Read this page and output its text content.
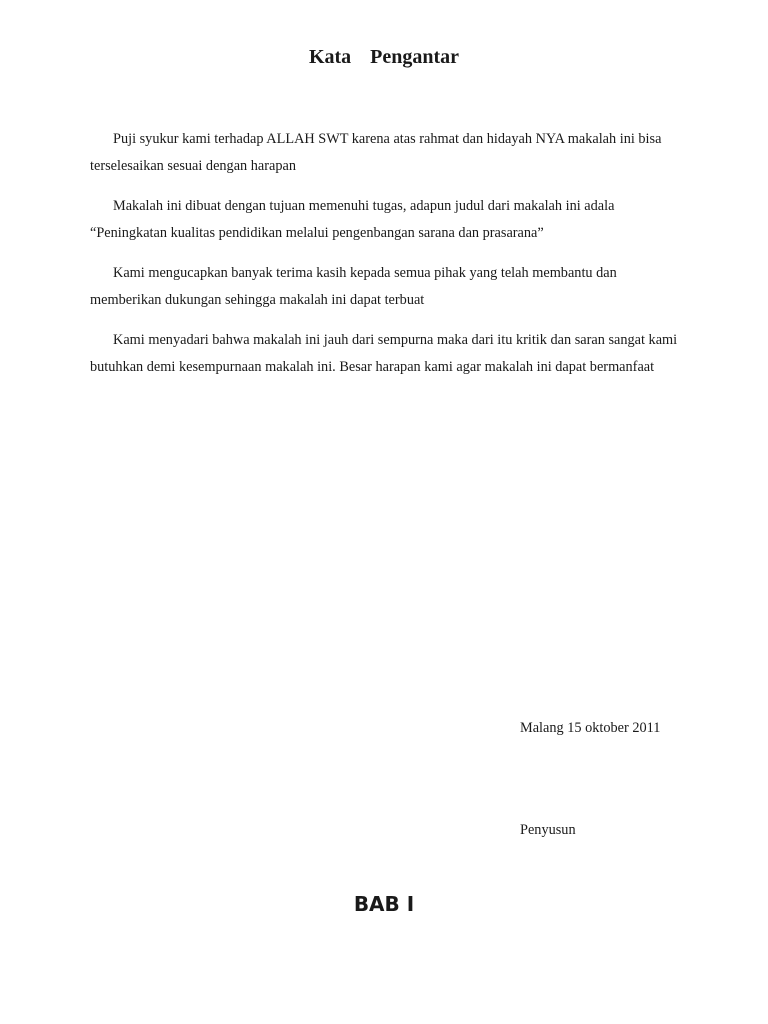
Kata Pengantar

Puji syukur kami terhadap ALLAH SWT karena atas rahmat dan hidayah NYA makalah ini bisa terselesaikan sesuai dengan harapan

Makalah ini dibuat dengan tujuan memenuhi tugas, adapun judul dari makalah ini adala “Peningkatan kualitas pendidikan melalui pengenbangan sarana dan prasarana”

Kami mengucapkan banyak terima kasih kepada semua pihak yang telah membantu dan memberikan dukungan sehingga makalah ini dapat terbuat

Kami menyadari bahwa makalah ini jauh dari sempurna maka dari itu kritik dan saran sangat kami butuhkan demi kesempurnaan makalah ini. Besar harapan kami agar makalah ini dapat bermanfaat

Malang 15 oktober 2011

Penyusun

BAB I
